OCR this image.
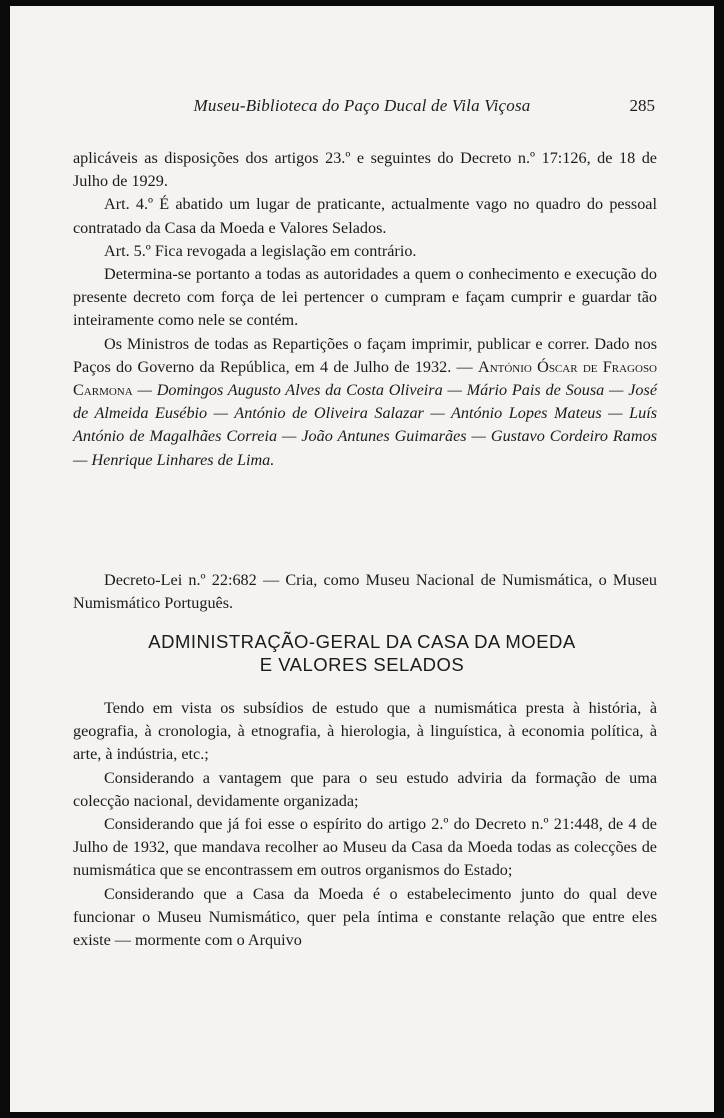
Museu-Biblioteca do Paço Ducal de Vila Viçosa	285

aplicáveis as disposições dos artigos 23.º e seguintes do Decreto n.º 17:126, de 18 de Julho de 1929.

Art. 4.º É abatido um lugar de praticante, actualmente vago no quadro do pessoal contratado da Casa da Moeda e Valores Selados.

Art. 5.º Fica revogada a legislação em contrário.

Determina-se portanto a todas as autoridades a quem o conhecimento e execução do presente decreto com força de lei pertencer o cumpram e façam cumprir e guardar tão inteiramente como nele se contém.

Os Ministros de todas as Repartições o façam imprimir, publicar e correr. Dado nos Paços do Governo da República, em 4 de Julho de 1932. — António Óscar de Fragoso Carmona — Domingos Augusto Alves da Costa Oliveira — Mário Pais de Sousa — José de Almeida Eusébio — António de Oliveira Salazar — António Lopes Mateus — Luís António de Magalhães Correia — João Antunes Guimarães — Gustavo Cordeiro Ramos — Henrique Linhares de Lima.

Decreto-Lei n.º 22:682 — Cria, como Museu Nacional de Numismática, o Museu Numismático Português.

ADMINISTRAÇÃO-GERAL DA CASA DA MOEDA
E VALORES SELADOS

Tendo em vista os subsídios de estudo que a numismática presta à história, à geografia, à cronologia, à etnografia, à hierologia, à linguística, à economia política, à arte, à indústria, etc.;

Considerando a vantagem que para o seu estudo adviria da formação de uma colecção nacional, devidamente organizada;

Considerando que já foi esse o espírito do artigo 2.º do Decreto n.º 21:448, de 4 de Julho de 1932, que mandava recolher ao Museu da Casa da Moeda todas as colecções de numismática que se encontrassem em outros organismos do Estado;

Considerando que a Casa da Moeda é o estabelecimento junto do qual deve funcionar o Museu Numismático, quer pela íntima e constante relação que entre eles existe — mormente com o Arquivo
